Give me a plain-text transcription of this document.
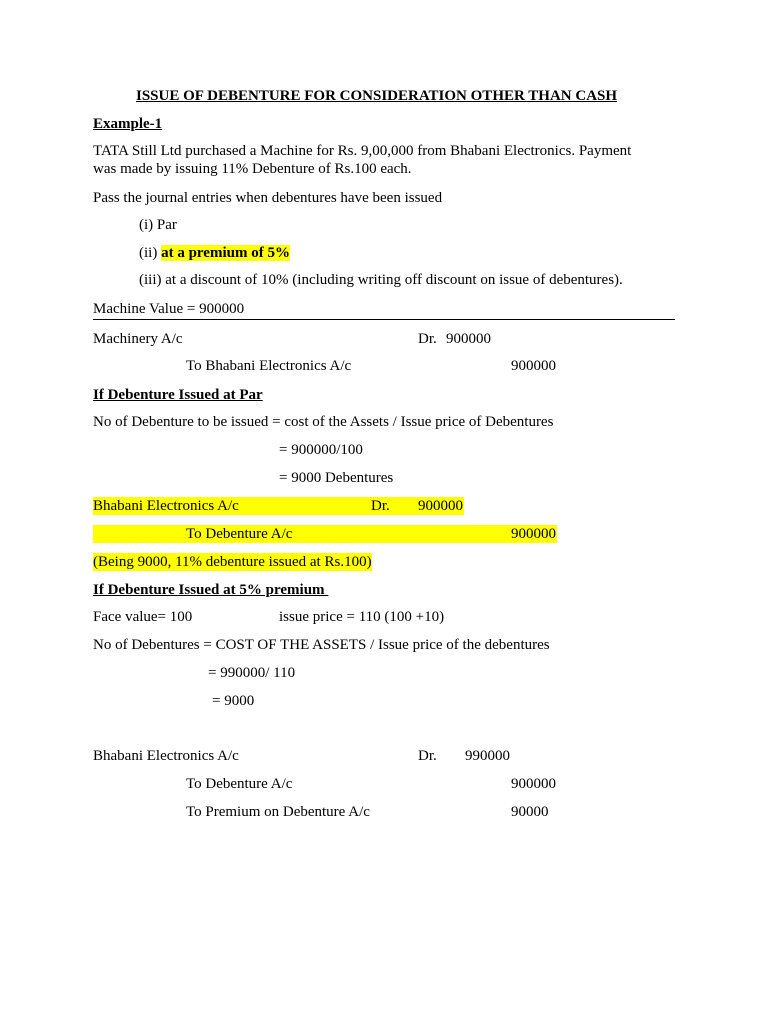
ISSUE OF DEBENTURE FOR CONSIDERATION OTHER THAN CASH
Example-1
TATA Still Ltd purchased a Machine for Rs. 9,00,000 from Bhabani Electronics. Payment
was made by issuing 11% Debenture of Rs.100 each.
Pass the journal entries when debentures have been issued
(i) Par
(ii) at a premium of 5%
(iii) at a discount of 10% (including writing off discount on issue of debentures).
Machine Value = 900000
Machinery A/c	Dr. 900000
To Bhabani Electronics A/c	900000
If Debenture Issued at Par
No of Debenture to be issued = cost of the Assets / Issue price of Debentures
= 900000/100
= 9000 Debentures
Bhabani Electronics A/c	Dr. 900000
To Debenture A/c	900000
(Being 9000, 11% debenture issued at Rs.100)
If Debenture Issued at 5% premium
Face value= 100	issue price = 110 (100 +10)
No of Debentures = COST OF THE ASSETS / Issue price of the debentures
= 990000/ 110
= 9000
Bhabani Electronics A/c	Dr. 990000
To Debenture A/c	900000
To Premium on Debenture A/c	90000
